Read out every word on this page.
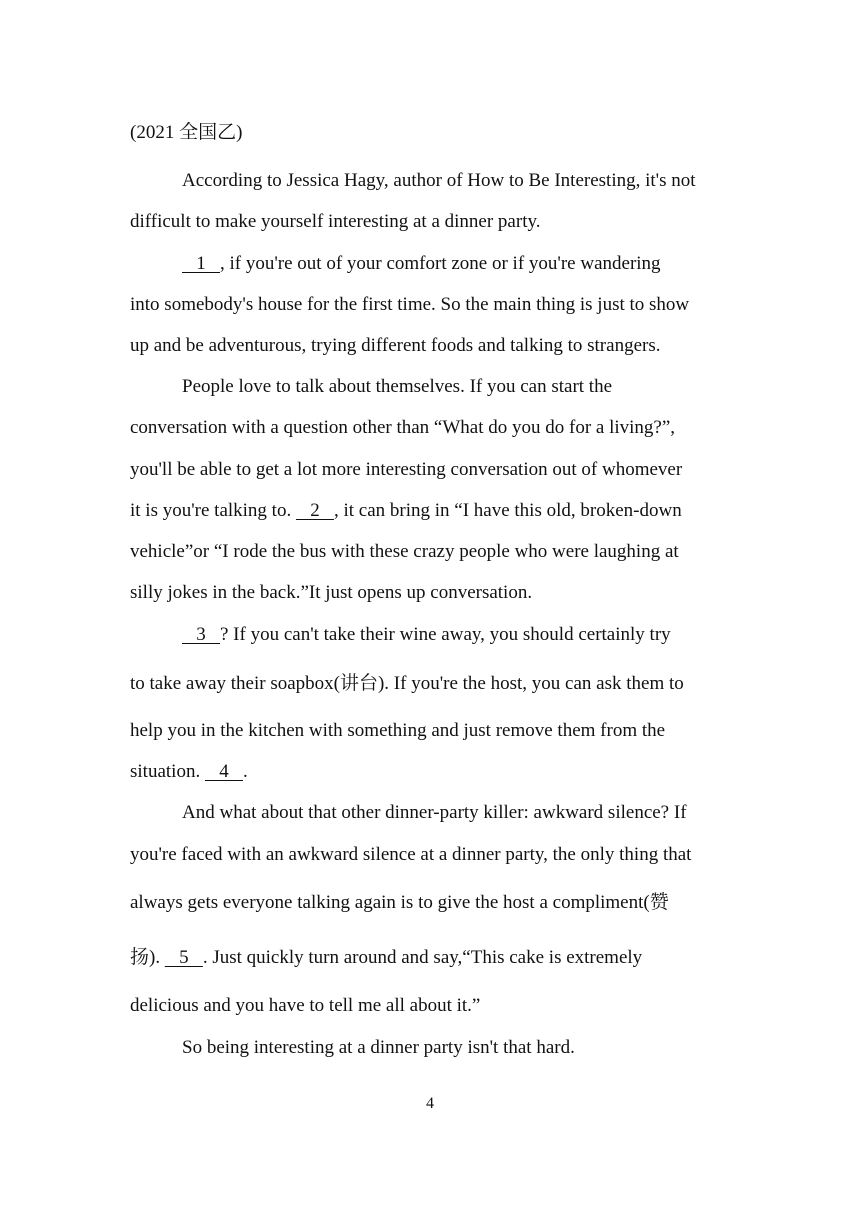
(2021 全国乙)
According to Jessica Hagy, author of How to Be Interesting, it's not
difficult to make yourself interesting at a dinner party.
1   , if you're out of your comfort zone or if you're wandering
into somebody's house for the first time. So the main thing is just to show
up and be adventurous, trying different foods and talking to strangers.
People love to talk about themselves. If you can start the
conversation with a question other than “What do you do for a living?”,
you'll be able to get a lot more interesting conversation out of whomever
it is you're talking to.    2   , it can bring in “I have this old, broken-down
vehicle”or “I rode the bus with these crazy people who were laughing at
silly jokes in the back.”It just opens up conversation.
3   ? If you can't take their wine away, you should certainly try
to take away their soapbox(讲台). If you're the host, you can ask them to
help you in the kitchen with something and just remove them from the
situation.    4   .
And what about that other dinner-party killer: awkward silence? If
you're faced with an awkward silence at a dinner party, the only thing that
always gets everyone talking again is to give the host a compliment(赞
扬).    5   . Just quickly turn around and say,“This cake is extremely
delicious and you have to tell me all about it.”
So being interesting at a dinner party isn't that hard.
4
